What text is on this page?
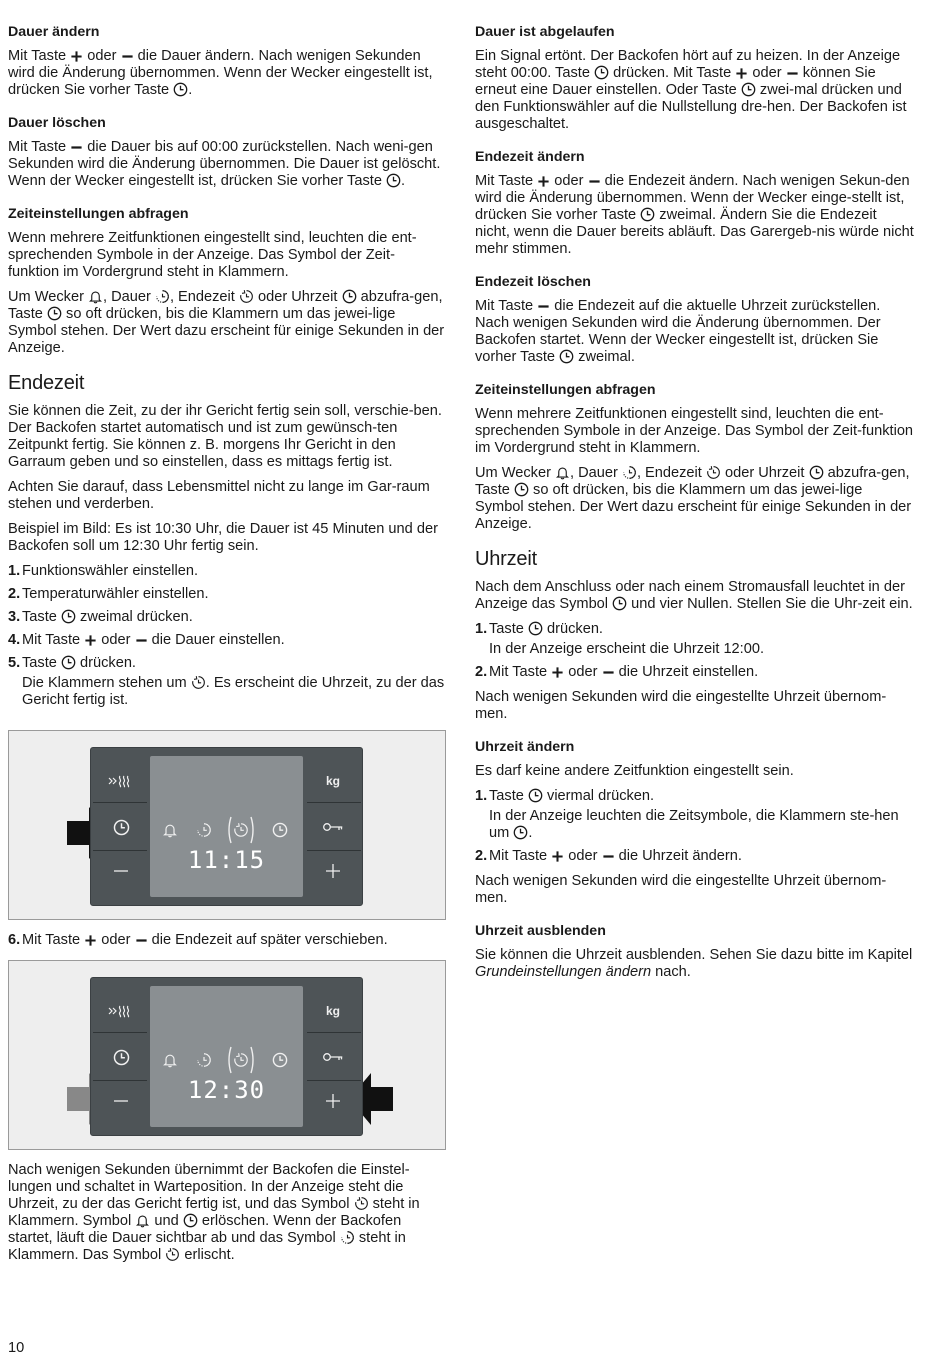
Dauer ändern

Mit Taste oder die Dauer ändern. Nach wenigen Sekunden wird die Änderung übernommen. Wenn der Wecker eingestellt ist, drücken Sie vorher Taste .

Dauer löschen

Mit Taste die Dauer bis auf 00:00 zurückstellen. Nach weni-gen Sekunden wird die Änderung übernommen. Die Dauer ist gelöscht. Wenn der Wecker eingestellt ist, drücken Sie vorher Taste .

Zeiteinstellungen abfragen

Wenn mehrere Zeitfunktionen eingestellt sind, leuchten die ent-sprechenden Symbole in der Anzeige. Das Symbol der Zeit-funktion im Vordergrund steht in Klammern.

Um Wecker , Dauer , Endezeit oder Uhrzeit abzufra-gen, Taste so oft drücken, bis die Klammern um das jewei-lige Symbol stehen. Der Wert dazu erscheint für einige Sekunden in der Anzeige.

Endezeit

Sie können die Zeit, zu der ihr Gericht fertig sein soll, verschie-ben. Der Backofen startet automatisch und ist zum gewünsch-ten Zeitpunkt fertig. Sie können z. B. morgens Ihr Gericht in den Garraum geben und so einstellen, dass es mittags fertig ist.

Achten Sie darauf, dass Lebensmittel nicht zu lange im Gar-raum stehen und verderben.

Beispiel im Bild: Es ist 10:30 Uhr, die Dauer ist 45 Minuten und der Backofen soll um 12:30 Uhr fertig sein.

1. Funktionswähler einstellen.
2. Temperaturwähler einstellen.
3. Taste zweimal drücken.
4. Mit Taste oder die Dauer einstellen.
5. Taste drücken.
Die Klammern stehen um . Es erscheint die Uhrzeit, zu der das Gericht fertig ist.
11:15
kg
6. Mit Taste oder die Endezeit auf später verschieben.
12:30
kg

Nach wenigen Sekunden übernimmt der Backofen die Einstel-lungen und schaltet in Warteposition. In der Anzeige steht die Uhrzeit, zu der das Gericht fertig ist, und das Symbol steht in Klammern. Symbol und erlöschen. Wenn der Backofen startet, läuft die Dauer sichtbar ab und das Symbol steht in Klammern. Das Symbol erlischt.

Dauer ist abgelaufen

Ein Signal ertönt. Der Backofen hört auf zu heizen. In der Anzeige steht 00:00. Taste drücken. Mit Taste oder können Sie erneut eine Dauer einstellen. Oder Taste zwei-mal drücken und den Funktionswähler auf die Nullstellung dre-hen. Der Backofen ist ausgeschaltet.

Endezeit ändern

Mit Taste oder die Endezeit ändern. Nach wenigen Sekun-den wird die Änderung übernommen. Wenn der Wecker einge-stellt ist, drücken Sie vorher Taste zweimal. Ändern Sie die Endezeit nicht, wenn die Dauer bereits abläuft. Das Garergeb-nis würde nicht mehr stimmen.

Endezeit löschen

Mit Taste die Endezeit auf die aktuelle Uhrzeit zurückstellen. Nach wenigen Sekunden wird die Änderung übernommen. Der Backofen startet. Wenn der Wecker eingestellt ist, drücken Sie vorher Taste zweimal.

Zeiteinstellungen abfragen

Wenn mehrere Zeitfunktionen eingestellt sind, leuchten die ent-sprechenden Symbole in der Anzeige. Das Symbol der Zeit-funktion im Vordergrund steht in Klammern.

Um Wecker , Dauer , Endezeit oder Uhrzeit abzufra-gen, Taste so oft drücken, bis die Klammern um das jewei-lige Symbol stehen. Der Wert dazu erscheint für einige Sekunden in der Anzeige.

Uhrzeit

Nach dem Anschluss oder nach einem Stromausfall leuchtet in der Anzeige das Symbol und vier Nullen. Stellen Sie die Uhr-zeit ein.

1. Taste drücken.
In der Anzeige erscheint die Uhrzeit 12:00.
2. Mit Taste oder die Uhrzeit einstellen.

Nach wenigen Sekunden wird die eingestellte Uhrzeit übernom-men.

Uhrzeit ändern

Es darf keine andere Zeitfunktion eingestellt sein.

1. Taste viermal drücken.
In der Anzeige leuchten die Zeitsymbole, die Klammern ste-hen um .
2. Mit Taste oder die Uhrzeit ändern.

Nach wenigen Sekunden wird die eingestellte Uhrzeit übernom-men.

Uhrzeit ausblenden

Sie können die Uhrzeit ausblenden. Sehen Sie dazu bitte im Kapitel Grundeinstellungen ändern nach.

10
